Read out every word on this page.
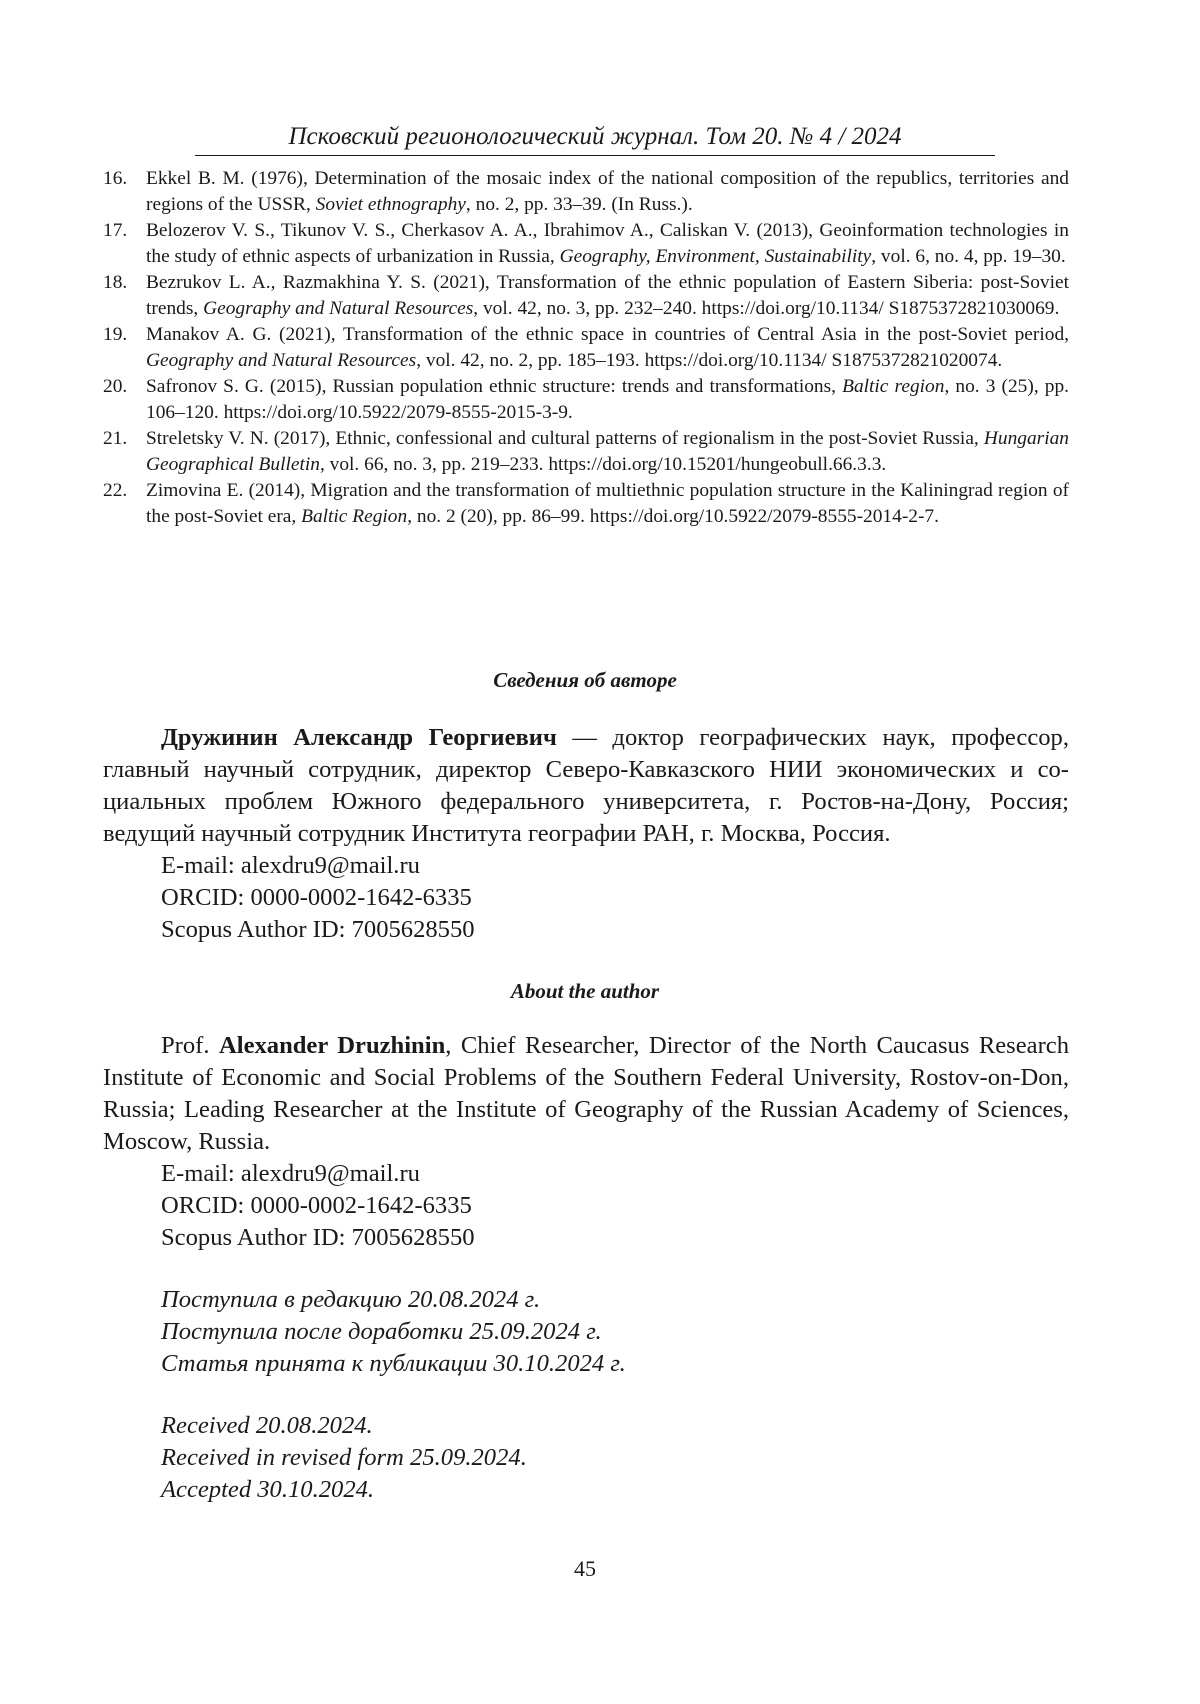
Псковский регионологический журнал. Том 20. № 4 / 2024
16. Ekkel B. M. (1976), Determination of the mosaic index of the national composition of the republics, territories and regions of the USSR, Soviet ethnography, no. 2, pp. 33–39. (In Russ.).
17. Belozerov V. S., Tikunov V. S., Cherkasov A. A., Ibrahimov A., Caliskan V. (2013), Geoinformation technologies in the study of ethnic aspects of urbanization in Russia, Geography, Environment, Sustainability, vol. 6, no. 4, pp. 19–30.
18. Bezrukov L. A., Razmakhina Y. S. (2021), Transformation of the ethnic population of Eastern Siberia: post-Soviet trends, Geography and Natural Resources, vol. 42, no. 3, pp. 232–240. https://doi.org/10.1134/ S1875372821030069.
19. Manakov A. G. (2021), Transformation of the ethnic space in countries of Central Asia in the post-Soviet period, Geography and Natural Resources, vol. 42, no. 2, pp. 185–193. https://doi.org/10.1134/ S1875372821020074.
20. Safronov S. G. (2015), Russian population ethnic structure: trends and transformations, Baltic region, no. 3 (25), pp. 106–120. https://doi.org/10.5922/2079-8555-2015-3-9.
21. Streletsky V. N. (2017), Ethnic, confessional and cultural patterns of regionalism in the post-Soviet Russia, Hungarian Geographical Bulletin, vol. 66, no. 3, pp. 219–233. https://doi.org/10.15201/hungeobull.66.3.3.
22. Zimovina E. (2014), Migration and the transformation of multiethnic population structure in the Kaliningrad region of the post-Soviet era, Baltic Region, no. 2 (20), pp. 86–99. https://doi.org/10.5922/2079-8555-2014-2-7.
Сведения об авторе

Дружинин Александр Георгиевич — доктор географических наук, профессор, главный научный сотрудник, директор Северо-Кавказского НИИ экономических и социальных проблем Южного федерального университета, г. Ростов-на-Дону, Россия; ведущий научный сотрудник Института географии РАН, г. Москва, Россия.

E-mail: alexdru9@mail.ru

ORCID: 0000-0002-1642-6335

Scopus Author ID: 7005628550

About the author

Prof. Alexander Druzhinin, Chief Researcher, Director of the North Caucasus Research Institute of Economic and Social Problems of the Southern Federal University, Rostov-on-Don, Russia; Leading Researcher at the Institute of Geography of the Russian Academy of Sciences, Moscow, Russia.

E-mail: alexdru9@mail.ru

ORCID: 0000-0002-1642-6335

Scopus Author ID: 7005628550

Поступила в редакцию 20.08.2024 г.
Поступила после доработки 25.09.2024 г.
Статья принята к публикации 30.10.2024 г.
Received 20.08.2024.
Received in revised form 25.09.2024.
Accepted 30.10.2024.
45
